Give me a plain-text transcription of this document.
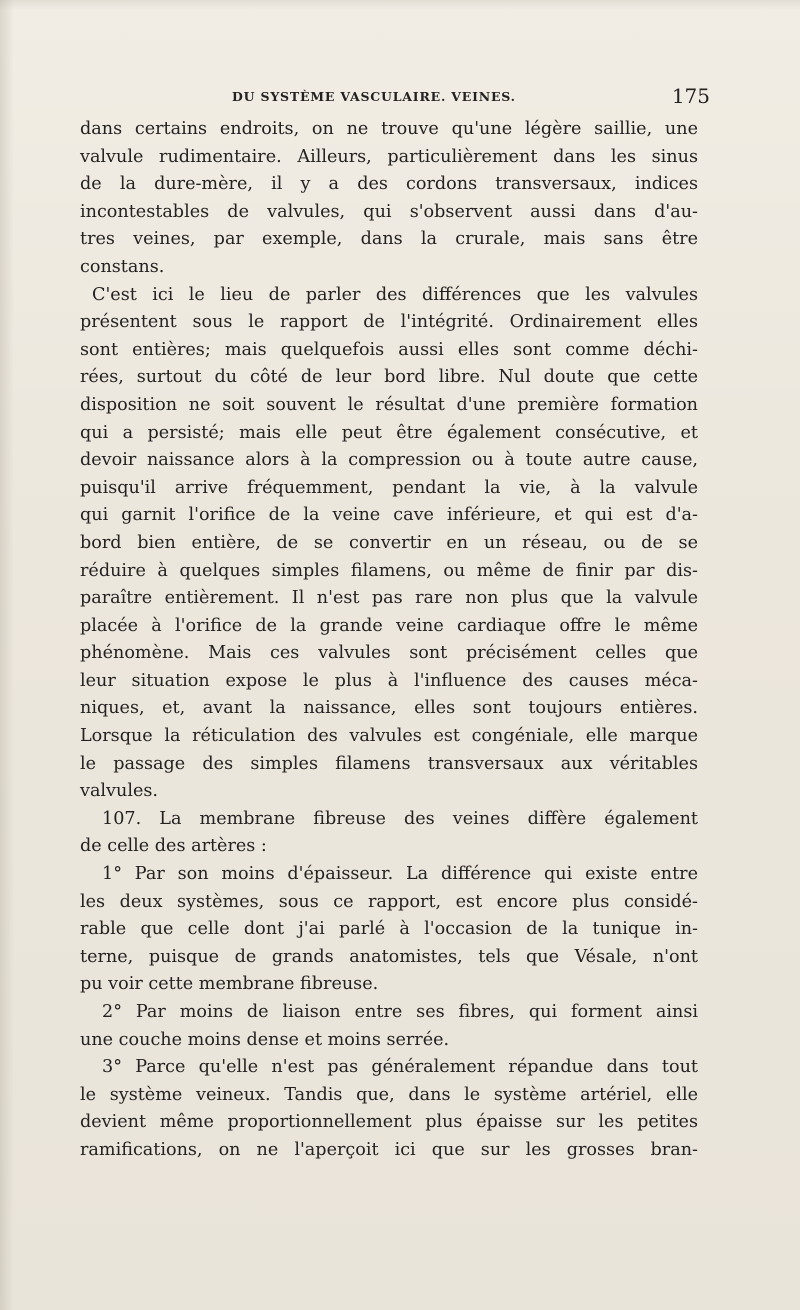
DU SYSTÈME VASCULAIRE. VEINES.	175
dans certains endroits, on ne trouve qu'une légère saillie, une
valvule rudimentaire. Ailleurs, particulièrement dans les sinus
de la dure-mère, il y a des cordons transversaux, indices
incontestables de valvules, qui s'observent aussi dans d'au-
tres veines, par exemple, dans la crurale, mais sans être
constans.
C'est ici le lieu de parler des différences que les valvules
présentent sous le rapport de l'intégrité. Ordinairement elles
sont entières; mais quelquefois aussi elles sont comme déchi-
rées, surtout du côté de leur bord libre. Nul doute que cette
disposition ne soit souvent le résultat d'une première formation
qui a persisté; mais elle peut être également consécutive, et
devoir naissance alors à la compression ou à toute autre cause,
puisqu'il arrive fréquemment, pendant la vie, à la valvule
qui garnit l'orifice de la veine cave inférieure, et qui est d'a-
bord bien entière, de se convertir en un réseau, ou de se
réduire à quelques simples filamens, ou même de finir par dis-
paraître entièrement. Il n'est pas rare non plus que la valvule
placée à l'orifice de la grande veine cardiaque offre le même
phénomène. Mais ces valvules sont précisément celles que
leur situation expose le plus à l'influence des causes méca-
niques, et, avant la naissance, elles sont toujours entières.
Lorsque la réticulation des valvules est congéniale, elle marque
le passage des simples filamens transversaux aux véritables
valvules.
107. La membrane fibreuse des veines diffère également
de celle des artères :
1° Par son moins d'épaisseur. La différence qui existe entre
les deux systèmes, sous ce rapport, est encore plus considé-
rable que celle dont j'ai parlé à l'occasion de la tunique in-
terne, puisque de grands anatomistes, tels que Vésale, n'ont
pu voir cette membrane fibreuse.
2° Par moins de liaison entre ses fibres, qui forment ainsi
une couche moins dense et moins serrée.
3° Parce qu'elle n'est pas généralement répandue dans tout
le système veineux. Tandis que, dans le système artériel, elle
devient même proportionnellement plus épaisse sur les petites
ramifications, on ne l'aperçoit ici que sur les grosses bran-
